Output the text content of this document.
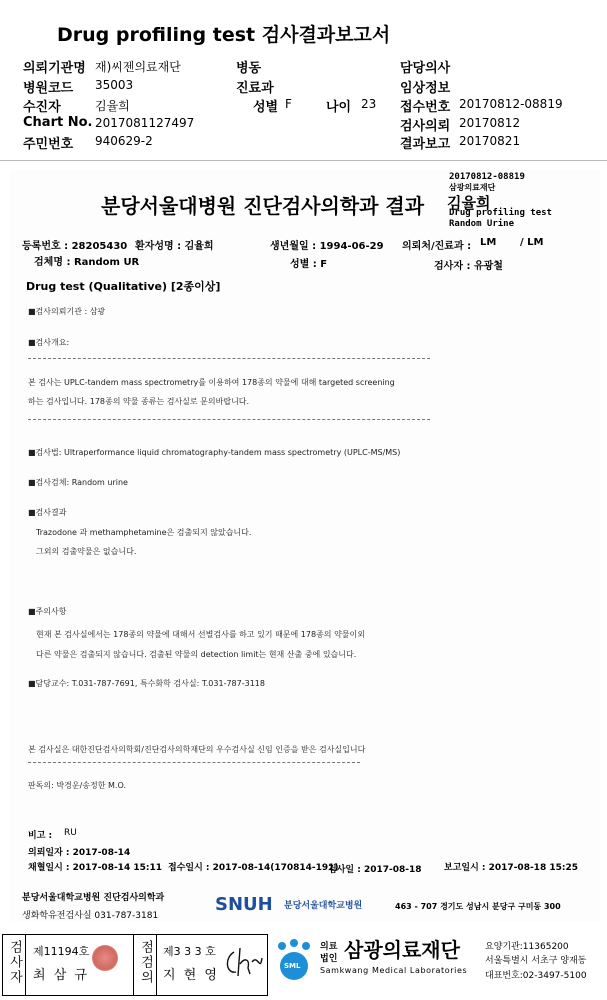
Drug profiling test 검사결과보고서
의뢰기관명 재)씨젠의료재단
병원코드 35003
수진자	김율희
Chart No. 2017081127497
주민번호 940629-2
병동
진료과
성별 F	나이 23
담당의사
임상정보
접수번호 20170812-08819
검사의뢰 20170812
결과보고 20170821
분당서울대병원 진단검사의학과 결과
20170812-08819
삼광의료재단
김율희
Drug profiling test
Random Urine
등록번호 : 28205430 환자성명 : 김율희	생년월일 : 1994-06-29 의뢰처/진료과 : LM / LM
검체명 : Random UR	성별 : F	검사자 : 유광철
Drug test (Qualitative) [2종이상]
■검사의뢰기관 : 삼광
■검사개요:
본 검사는 UPLC-tandem mass spectrometry를 이용하여 178종의 약물에 대해 targeted screening
하는 검사입니다. 178종의 약물 종류는 검사실로 문의바랍니다.
■검사법: Ultraperformance liquid chromatography-tandem mass spectrometry (UPLC-MS/MS)
■검사검체: Random urine
■검사결과
Trazodone 과 methamphetamine은 검출되지 않았습니다.
그외의 검출약물은 없습니다.
■주의사항
현재 본 검사실에서는 178종의 약물에 대해서 선별검사를 하고 있기 때문에 178종의 약물이외
다른 약물은 검출되지 않습니다. 검출된 약물의 detection limit는 현재 산출 중에 있습니다.
■담당교수: T.031-787-7691, 특수화학 검사실: T.031-787-3118
본 검사실은 대한진단검사의학회/진단검사의학재단의 우수검사실 신임 인증을 받은 검사실입니다
판독의: 박경운/송정한 M.O.
비고 : RU
의뢰일자 : 2017-08-14
채혈일시 : 2017-08-14 15:11 접수일시 : 2017-08-14(170814-191)
검사일 : 2017-08-18 보고일시 : 2017-08-18 15:25
분당서울대학교병원 진단검사의학과
생화학유전검사실 031-787-3181
SNUH 분당서울대학교병원	463 - 707 경기도 성남시 분당구 구미동 300
검사자 제11194호
최 삼 규	점검의 제3 3 3 호
지 현 영
SML
의료
법인 삼광의료재단
Samkwang Medical Laboratories
요양기관:11365200
서울특별시 서초구 양재동
대표번호:02-3497-5100
